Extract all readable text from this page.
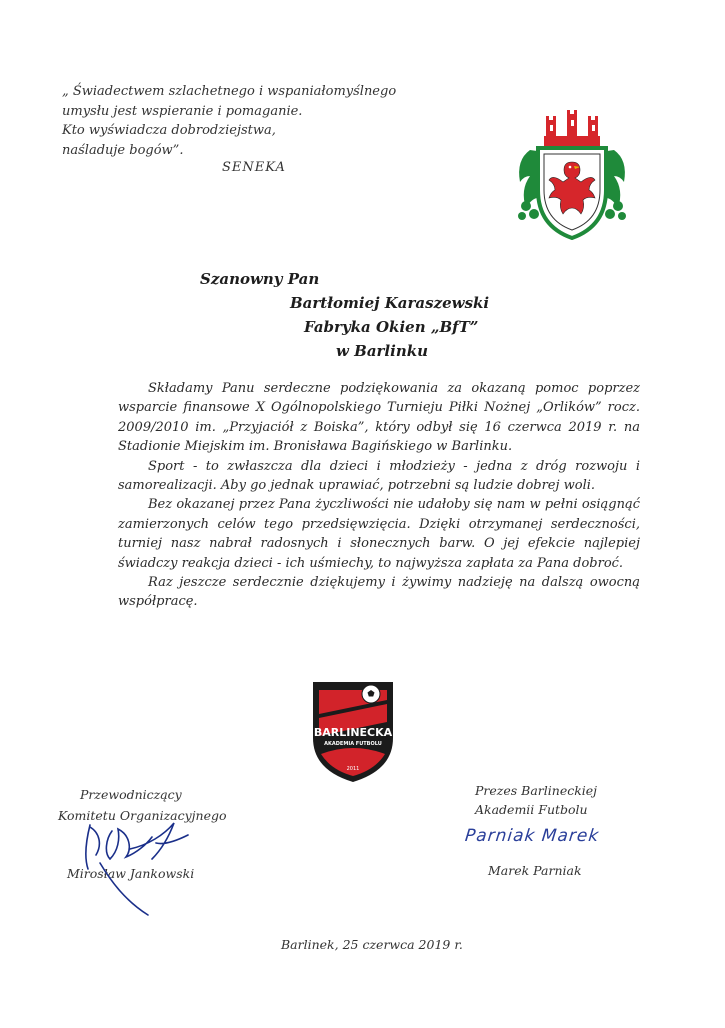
„ Świadectwem szlachetnego i wspaniałomyślnego
umysłu jest wspieranie i pomaganie.
Kto wyświadcza dobrodziejstwa,
naśladuje bogów”.
SENEKA
Szanowny Pan
Bartłomiej Karaszewski
Fabryka Okien „BfT”
w Barlinku

Składamy Panu serdeczne podziękowania za okazaną pomoc poprzez wsparcie finansowe X Ogólnopolskiego Turnieju Piłki Nożnej „Orlików” rocz. 2009/2010 im. „Przyjaciół z Boiska”, który odbył się 16 czerwca 2019 r. na Stadionie Miejskim im. Bronisława Bagińskiego w Barlinku.

Sport - to zwłaszcza dla dzieci i młodzieży - jedna z dróg rozwoju i samorealizacji. Aby go jednak uprawiać, potrzebni są ludzie dobrej woli.

Bez okazanej przez Pana życzliwości nie udałoby się nam w pełni osiągnąć zamierzonych celów tego przedsięwzięcia. Dzięki otrzymanej serdeczności, turniej nasz nabrał radosnych i słonecznych barw. O jej efekcie najlepiej świadczy reakcja dzieci - ich uśmiechy, to najwyższa zapłata za Pana dobroć.

Raz jeszcze serdecznie dziękujemy i żywimy nadzieję na dalszą owocną współpracę.

BARLINECKA
AKADEMIA FUTBOLU
2011
Przewodniczący
Komitetu Organizacyjnego
Mirosław Jankowski
Prezes Barlineckiej
Akademii Futbolu
Parniak Marek
Marek Parniak
Barlinek, 25 czerwca 2019 r.
